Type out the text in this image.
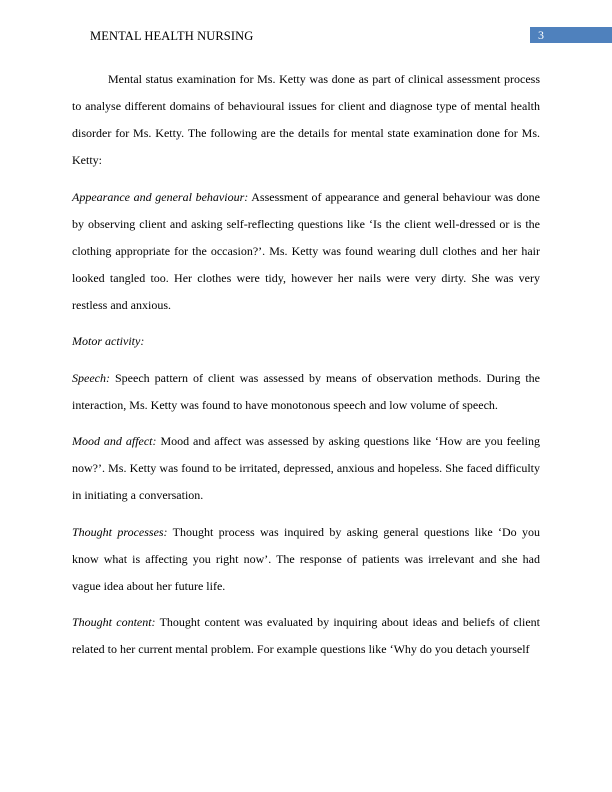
MENTAL HEALTH NURSING	3

Mental status examination for Ms. Ketty was done as part of clinical assessment process to analyse different domains of behavioural issues for client and diagnose type of mental health disorder for Ms. Ketty. The following are the details for mental state examination done for Ms. Ketty:

Appearance and general behaviour: Assessment of appearance and general behaviour was done by observing client and asking self-reflecting questions like ‘Is the client well-dressed or is the clothing appropriate for the occasion?’. Ms. Ketty was found wearing dull clothes and her hair looked tangled too. Her clothes were tidy, however her nails were very dirty. She was very restless and anxious.

Motor activity:

Speech: Speech pattern of client was assessed by means of observation methods. During the interaction, Ms. Ketty was found to have monotonous speech and low volume of speech.

Mood and affect: Mood and affect was assessed by asking questions like ‘How are you feeling now?’. Ms. Ketty was found to be irritated, depressed, anxious and hopeless. She faced difficulty in initiating a conversation.

Thought processes: Thought process was inquired by asking general questions like ‘Do you know what is affecting you right now’. The response of patients was irrelevant and she had vague idea about her future life.

Thought content: Thought content was evaluated by inquiring about ideas and beliefs of client related to her current mental problem. For example questions like ‘Why do you detach yourself
